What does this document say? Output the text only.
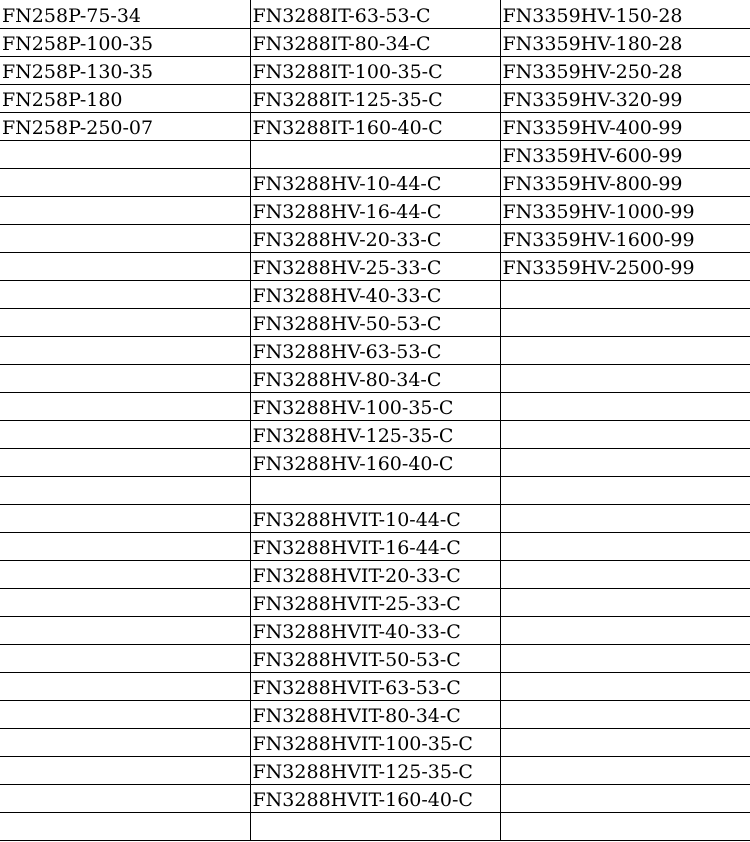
FN258P-75-34	FN3288IT-63-53-C	FN3359HV-150-28
FN258P-100-35	FN3288IT-80-34-C	FN3359HV-180-28
FN258P-130-35	FN3288IT-100-35-C	FN3359HV-250-28
FN258P-180	FN3288IT-125-35-C	FN3359HV-320-99
FN258P-250-07	FN3288IT-160-40-C	FN3359HV-400-99
		FN3359HV-600-99
	FN3288HV-10-44-C	FN3359HV-800-99
	FN3288HV-16-44-C	FN3359HV-1000-99
	FN3288HV-20-33-C	FN3359HV-1600-99
	FN3288HV-25-33-C	FN3359HV-2500-99
	FN3288HV-40-33-C	
	FN3288HV-50-53-C	
	FN3288HV-63-53-C	
	FN3288HV-80-34-C	
	FN3288HV-100-35-C	
	FN3288HV-125-35-C	
	FN3288HV-160-40-C	

	FN3288HVIT-10-44-C	
	FN3288HVIT-16-44-C	
	FN3288HVIT-20-33-C	
	FN3288HVIT-25-33-C	
	FN3288HVIT-40-33-C	
	FN3288HVIT-50-53-C	
	FN3288HVIT-63-53-C	
	FN3288HVIT-80-34-C	
	FN3288HVIT-100-35-C	
	FN3288HVIT-125-35-C	
	FN3288HVIT-160-40-C	
